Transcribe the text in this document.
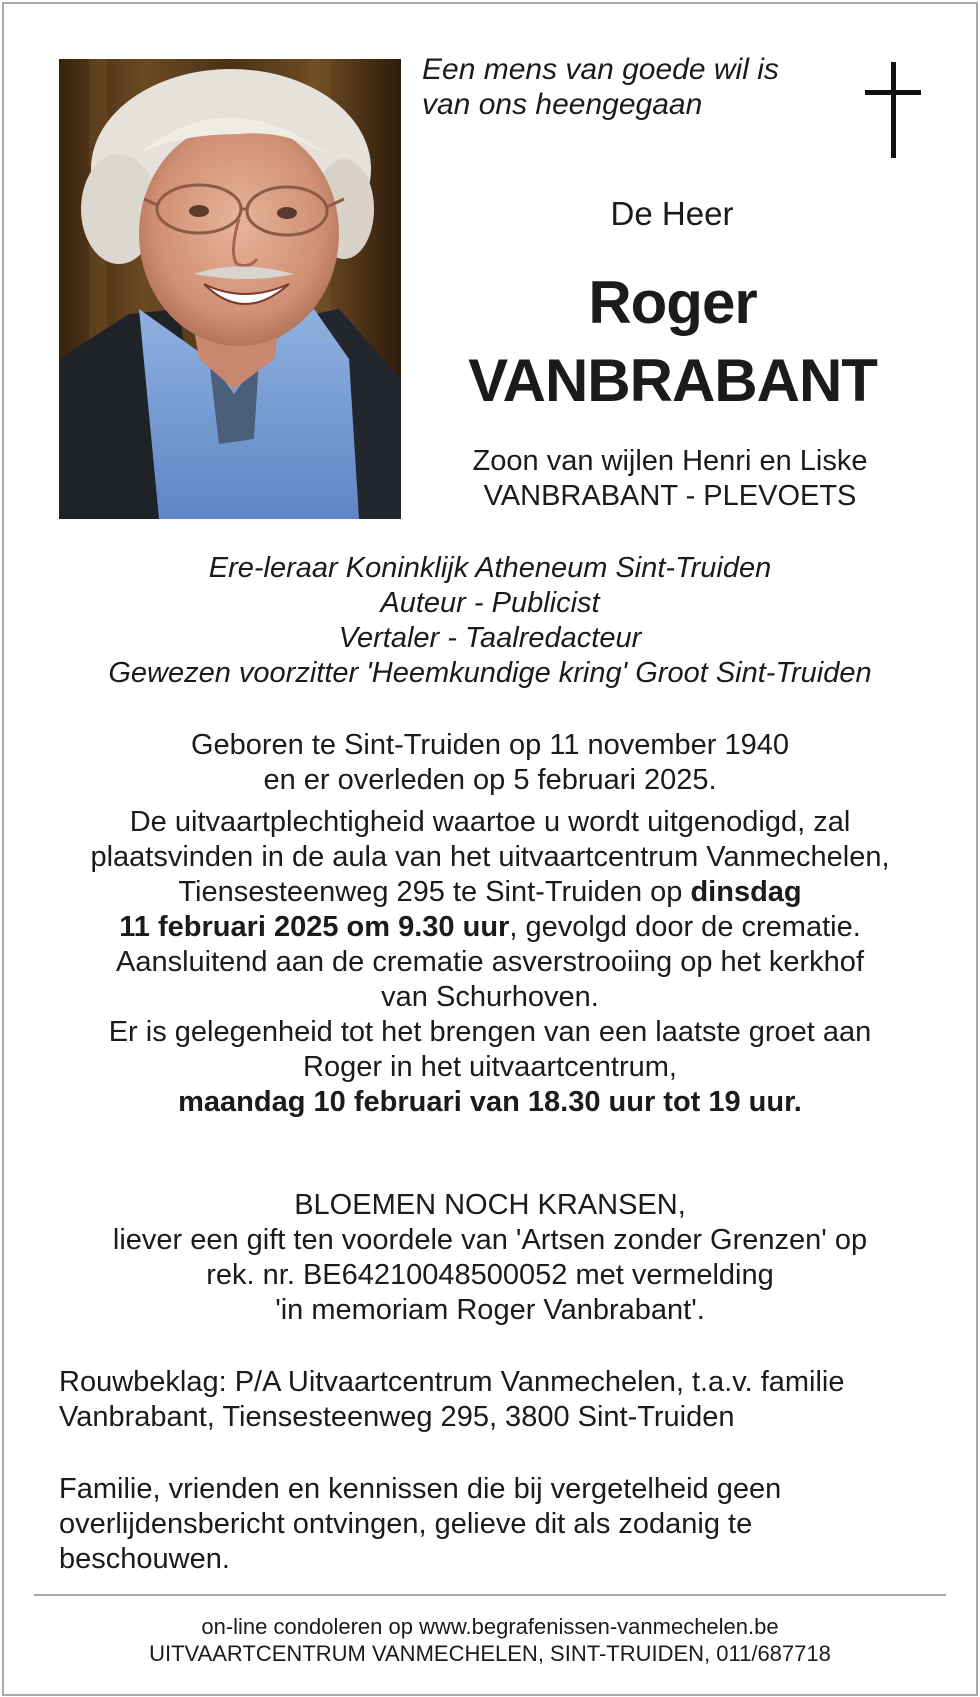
Een mens van goede wil is
van ons heengegaan
De Heer
Roger
VANBRABANT
Zoon van wijlen Henri en Liske
VANBRABANT - PLEVOETS
Ere-leraar Koninklijk Atheneum Sint-Truiden
Auteur - Publicist
Vertaler - Taalredacteur
Gewezen voorzitter 'Heemkundige kring' Groot Sint-Truiden
Geboren te Sint-Truiden op 11 november 1940
en er overleden op 5 februari 2025.
De uitvaartplechtigheid waartoe u wordt uitgenodigd, zal
plaatsvinden in de aula van het uitvaartcentrum Vanmechelen,
Tiensesteenweg 295 te Sint-Truiden op dinsdag
11 februari 2025 om 9.30 uur, gevolgd door de crematie.
Aansluitend aan de crematie asverstrooiing op het kerkhof
van Schurhoven.
Er is gelegenheid tot het brengen van een laatste groet aan
Roger in het uitvaartcentrum,
maandag 10 februari van 18.30 uur tot 19 uur.
BLOEMEN NOCH KRANSEN,
liever een gift ten voordele van 'Artsen zonder Grenzen' op
rek. nr. BE64210048500052 met vermelding
'in memoriam Roger Vanbrabant'.
Rouwbeklag: P/A Uitvaartcentrum Vanmechelen, t.a.v. familie
Vanbrabant, Tiensesteenweg 295, 3800 Sint-Truiden
Familie, vrienden en kennissen die bij vergetelheid geen
overlijdensbericht ontvingen, gelieve dit als zodanig te
beschouwen.
on-line condoleren op www.begrafenissen-vanmechelen.be
UITVAARTCENTRUM VANMECHELEN, SINT-TRUIDEN, 011/687718
